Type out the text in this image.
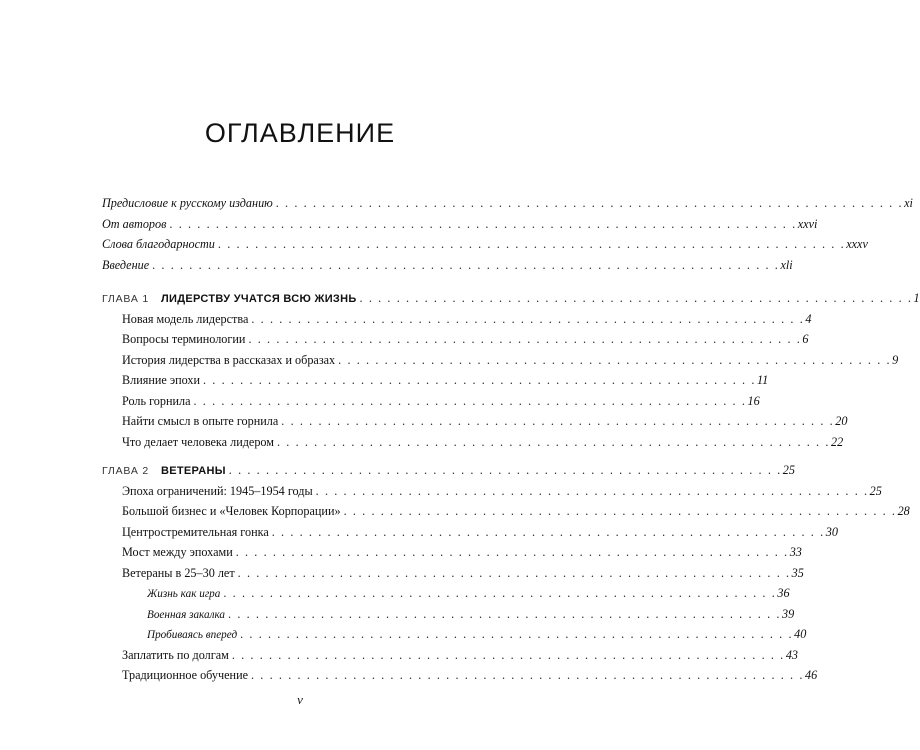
ОГЛАВЛЕНИЕ
Предисловие к русскому изданию . . . . . . . . . . . . . . . . . . . . . . . . . . . . . . . . . . . . . . . . . . . . . . . . . . . . . . . . . . . . . . . . . . . . xi
От авторов . . . . . . . . . . . . . . . . . . . . . . . . . . . . . . . . . . . . . . . . . . . . . . . . . . . . . . . . . . . . . . . . . . . . xxvi
Слова благодарности . . . . . . . . . . . . . . . . . . . . . . . . . . . . . . . . . . . . . . . . . . . . . . . . . . . . . . . . . . . . . . . . . . . . xxxv
Введение . . . . . . . . . . . . . . . . . . . . . . . . . . . . . . . . . . . . . . . . . . . . . . . . . . . . . . . . . . . . . . . . . . . . xli
ГЛАВА 1 ЛИДЕРСТВУ УЧАТСЯ ВСЮ ЖИЗНЬ . . . . . . . . . . . . . . . . . . . . . . . . . . . . . . . . . . . . . . . . . . . . . . . . . . . . . . . . . . . . 1
Новая модель лидерства . . . . . . . . . . . . . . . . . . . . . . . . . . . . . . . . . . . . . . . . . . . . . . . . . . . . . . . . . . . . 4
Вопросы терминологии . . . . . . . . . . . . . . . . . . . . . . . . . . . . . . . . . . . . . . . . . . . . . . . . . . . . . . . . . . . . 6
История лидерства в рассказах и образах . . . . . . . . . . . . . . . . . . . . . . . . . . . . . . . . . . . . . . . . . . . . . . . . . . . . . . . . . . . . 9
Влияние эпохи . . . . . . . . . . . . . . . . . . . . . . . . . . . . . . . . . . . . . . . . . . . . . . . . . . . . . . . . . . . . 11
Роль горнила . . . . . . . . . . . . . . . . . . . . . . . . . . . . . . . . . . . . . . . . . . . . . . . . . . . . . . . . . . . . 16
Найти смысл в опыте горнила . . . . . . . . . . . . . . . . . . . . . . . . . . . . . . . . . . . . . . . . . . . . . . . . . . . . . . . . . . . . 20
Что делает человека лидером . . . . . . . . . . . . . . . . . . . . . . . . . . . . . . . . . . . . . . . . . . . . . . . . . . . . . . . . . . . . 22
ГЛАВА 2 ВЕТЕРАНЫ . . . . . . . . . . . . . . . . . . . . . . . . . . . . . . . . . . . . . . . . . . . . . . . . . . . . . . . . . . . . 25
Эпоха ограничений: 1945–1954 годы . . . . . . . . . . . . . . . . . . . . . . . . . . . . . . . . . . . . . . . . . . . . . . . . . . . . . . . . . . . . 25
Большой бизнес и «Человек Корпорации» . . . . . . . . . . . . . . . . . . . . . . . . . . . . . . . . . . . . . . . . . . . . . . . . . . . . . . . . . . . . 28
Центростремительная гонка . . . . . . . . . . . . . . . . . . . . . . . . . . . . . . . . . . . . . . . . . . . . . . . . . . . . . . . . . . . . 30
Мост между эпохами . . . . . . . . . . . . . . . . . . . . . . . . . . . . . . . . . . . . . . . . . . . . . . . . . . . . . . . . . . . . 33
Ветераны в 25–30 лет . . . . . . . . . . . . . . . . . . . . . . . . . . . . . . . . . . . . . . . . . . . . . . . . . . . . . . . . . . . . 35
Жизнь как игра . . . . . . . . . . . . . . . . . . . . . . . . . . . . . . . . . . . . . . . . . . . . . . . . . . . . . . . . . . . . 36
Военная закалка . . . . . . . . . . . . . . . . . . . . . . . . . . . . . . . . . . . . . . . . . . . . . . . . . . . . . . . . . . . . 39
Пробиваясь вперед . . . . . . . . . . . . . . . . . . . . . . . . . . . . . . . . . . . . . . . . . . . . . . . . . . . . . . . . . . . . 40
Заплатить по долгам . . . . . . . . . . . . . . . . . . . . . . . . . . . . . . . . . . . . . . . . . . . . . . . . . . . . . . . . . . . . 43
Традиционное обучение . . . . . . . . . . . . . . . . . . . . . . . . . . . . . . . . . . . . . . . . . . . . . . . . . . . . . . . . . . . . 46
v
